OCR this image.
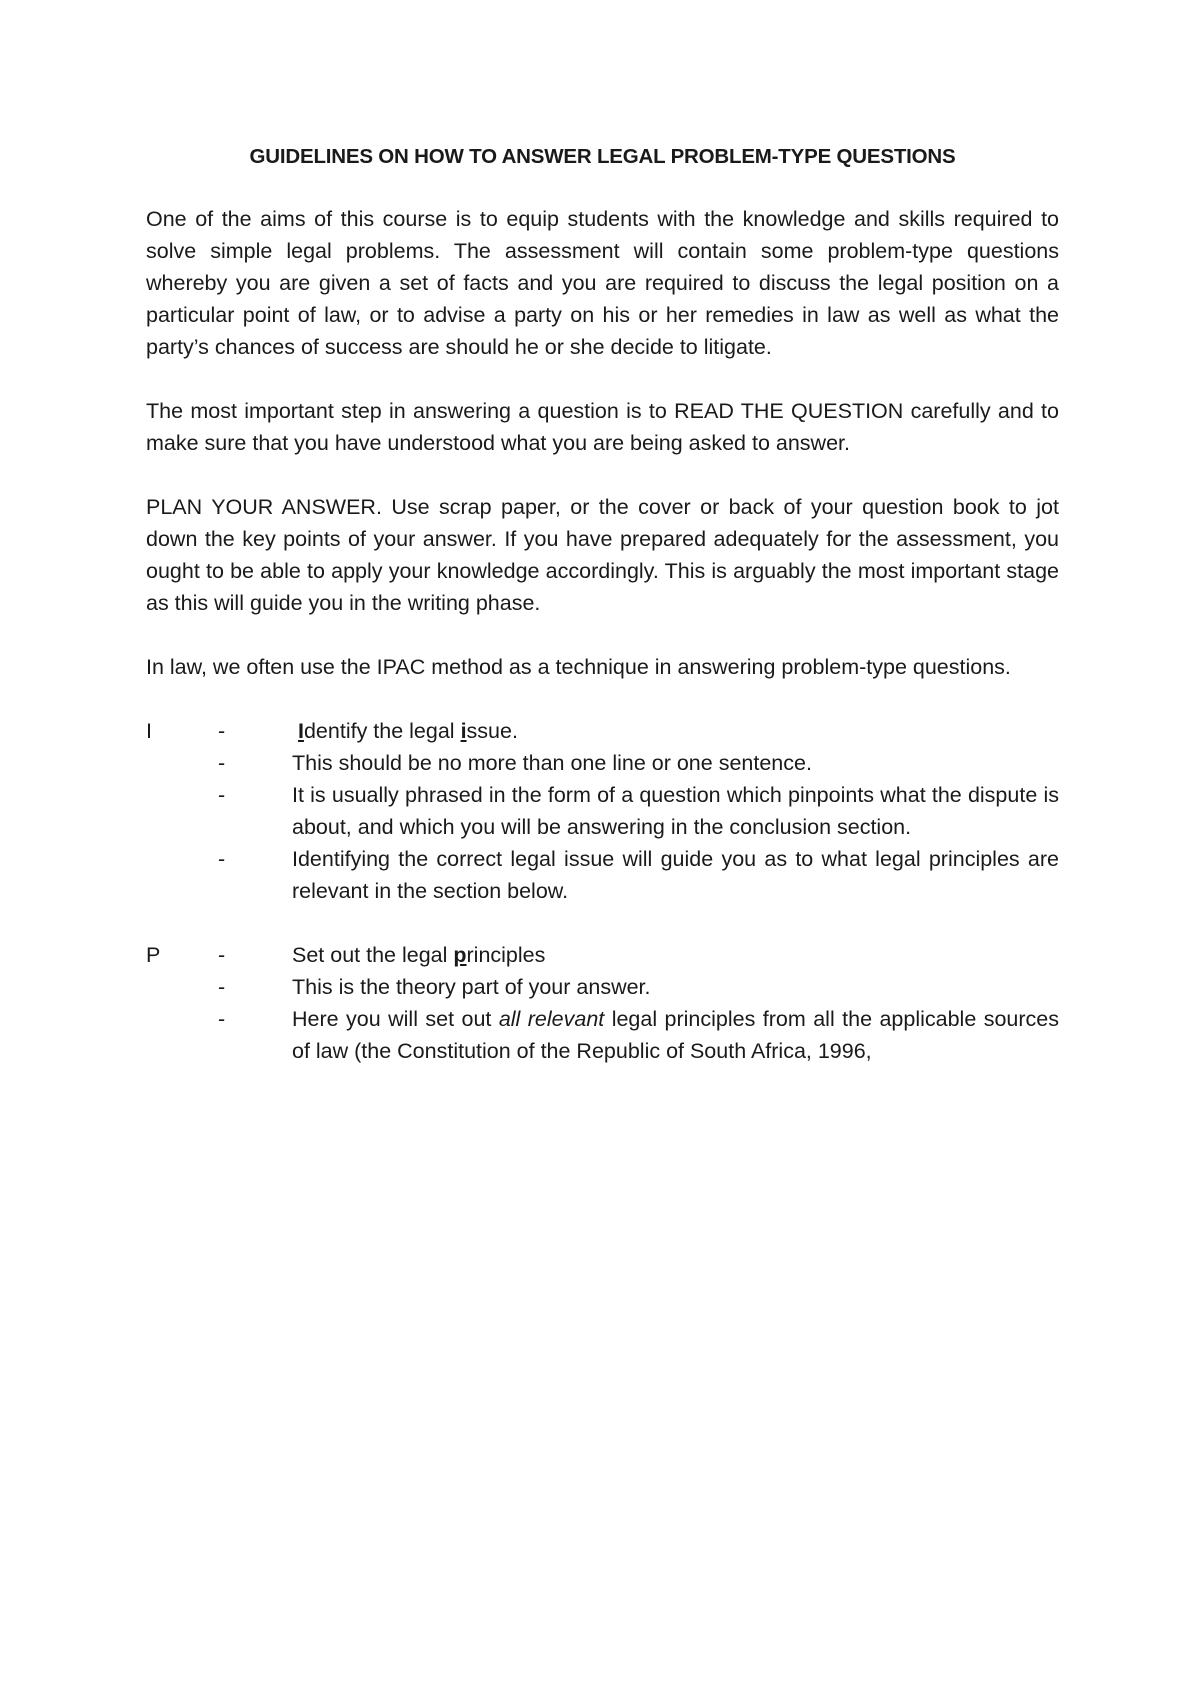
GUIDELINES ON HOW TO ANSWER LEGAL PROBLEM-TYPE QUESTIONS

One of the aims of this course is to equip students with the knowledge and skills required to solve simple legal problems. The assessment will contain some problem-type questions whereby you are given a set of facts and you are required to discuss the legal position on a particular point of law, or to advise a party on his or her remedies in law as well as what the party’s chances of success are should he or she decide to litigate.

The most important step in answering a question is to READ THE QUESTION carefully and to make sure that you have understood what you are being asked to answer.

PLAN YOUR ANSWER. Use scrap paper, or the cover or back of your question book to jot down the key points of your answer. If you have prepared adequately for the assessment, you ought to be able to apply your knowledge accordingly. This is arguably the most important stage as this will guide you in the writing phase.

In law, we often use the IPAC method as a technique in answering problem-type questions.

I	-	Identify the legal issue.
-	This should be no more than one line or one sentence.
-	It is usually phrased in the form of a question which pinpoints what the dispute is about, and which you will be answering in the conclusion section.
-	Identifying the correct legal issue will guide you as to what legal principles are relevant in the section below.
P	-	Set out the legal principles
-	This is the theory part of your answer.
-	Here you will set out all relevant legal principles from all the applicable sources of law (the Constitution of the Republic of South Africa, 1996,
